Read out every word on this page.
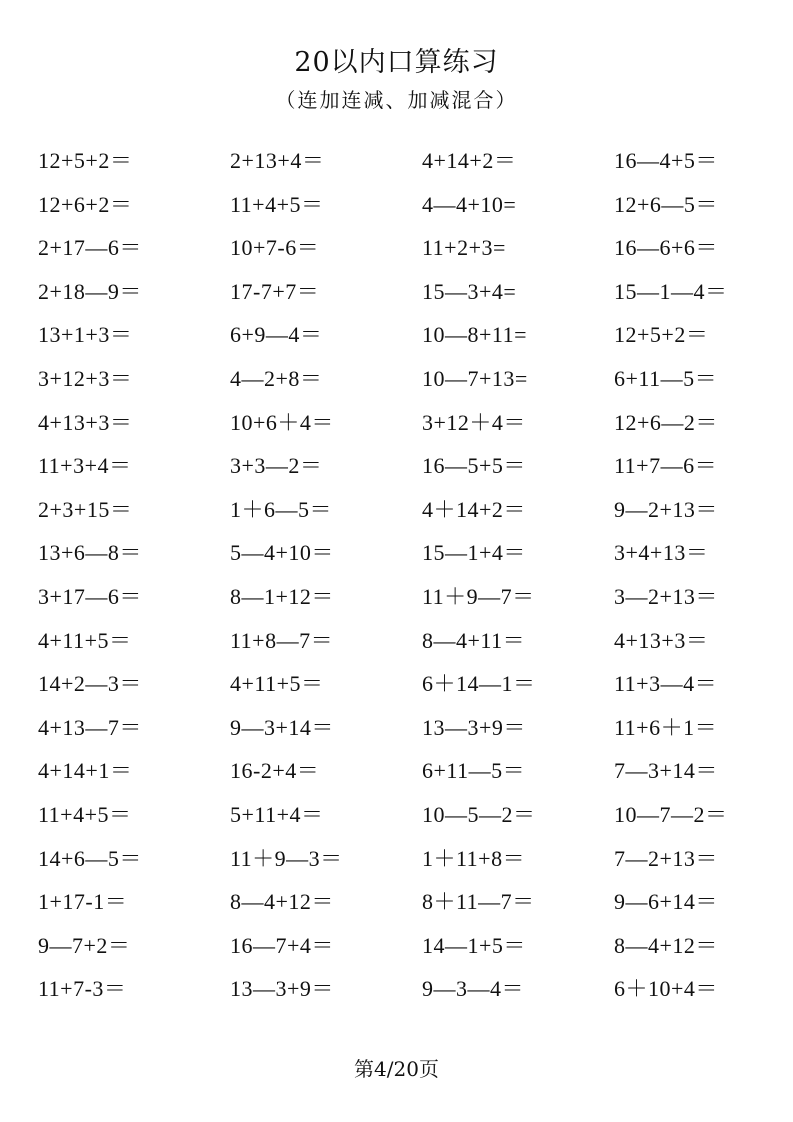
20以内口算练习
（连加连减、加减混合）
12+5+2＝	2+13+4＝	4+14+2＝	16—4+5＝
12+6+2＝	11+4+5＝	4—4+10=	12+6—5＝
2+17—6＝	10+7-6＝	11+2+3=	16—6+6＝
2+18—9＝	17-7+7＝	15—3+4=	15—1—4＝
13+1+3＝	6+9—4＝	10—8+11=	12+5+2＝
3+12+3＝	4—2+8＝	10—7+13=	6+11—5＝
4+13+3＝	10+6＋4＝	3+12＋4＝	12+6—2＝
11+3+4＝	3+3—2＝	16—5+5＝	11+7—6＝
2+3+15＝	1＋6—5＝	4＋14+2＝	9—2+13＝
13+6—8＝	5—4+10＝	15—1+4＝	3+4+13＝
3+17—6＝	8—1+12＝	11＋9—7＝	3—2+13＝
4+11+5＝	11+8—7＝	8—4+11＝	4+13+3＝
14+2—3＝	4+11+5＝	6＋14—1＝	11+3—4＝
4+13—7＝	9—3+14＝	13—3+9＝	11+6＋1＝
4+14+1＝	16-2+4＝	6+11—5＝	7—3+14＝
11+4+5＝	5+11+4＝	10—5—2＝	10—7—2＝
14+6—5＝	11＋9—3＝	1＋11+8＝	7—2+13＝
1+17-1＝	8—4+12＝	8＋11—7＝	9—6+14＝
9—7+2＝	16—7+4＝	14—1+5＝	8—4+12＝
11+7-3＝	13—3+9＝	9—3—4＝	6＋10+4＝
第4/20页
